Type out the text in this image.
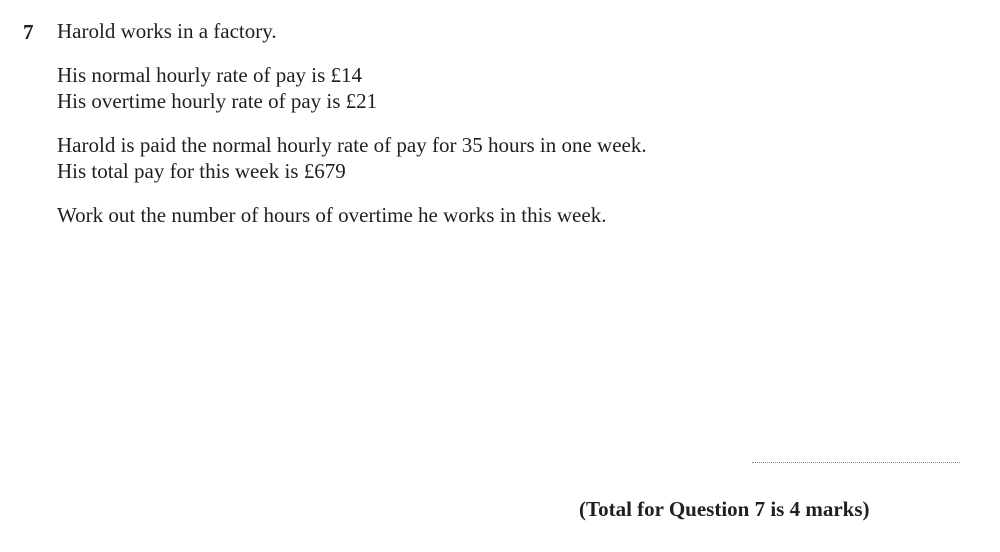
7 Harold works in a factory.
His normal hourly rate of pay is £14
His overtime hourly rate of pay is £21
Harold is paid the normal hourly rate of pay for 35 hours in one week.
His total pay for this week is £679
Work out the number of hours of overtime he works in this week.
(Total for Question 7 is 4 marks)
